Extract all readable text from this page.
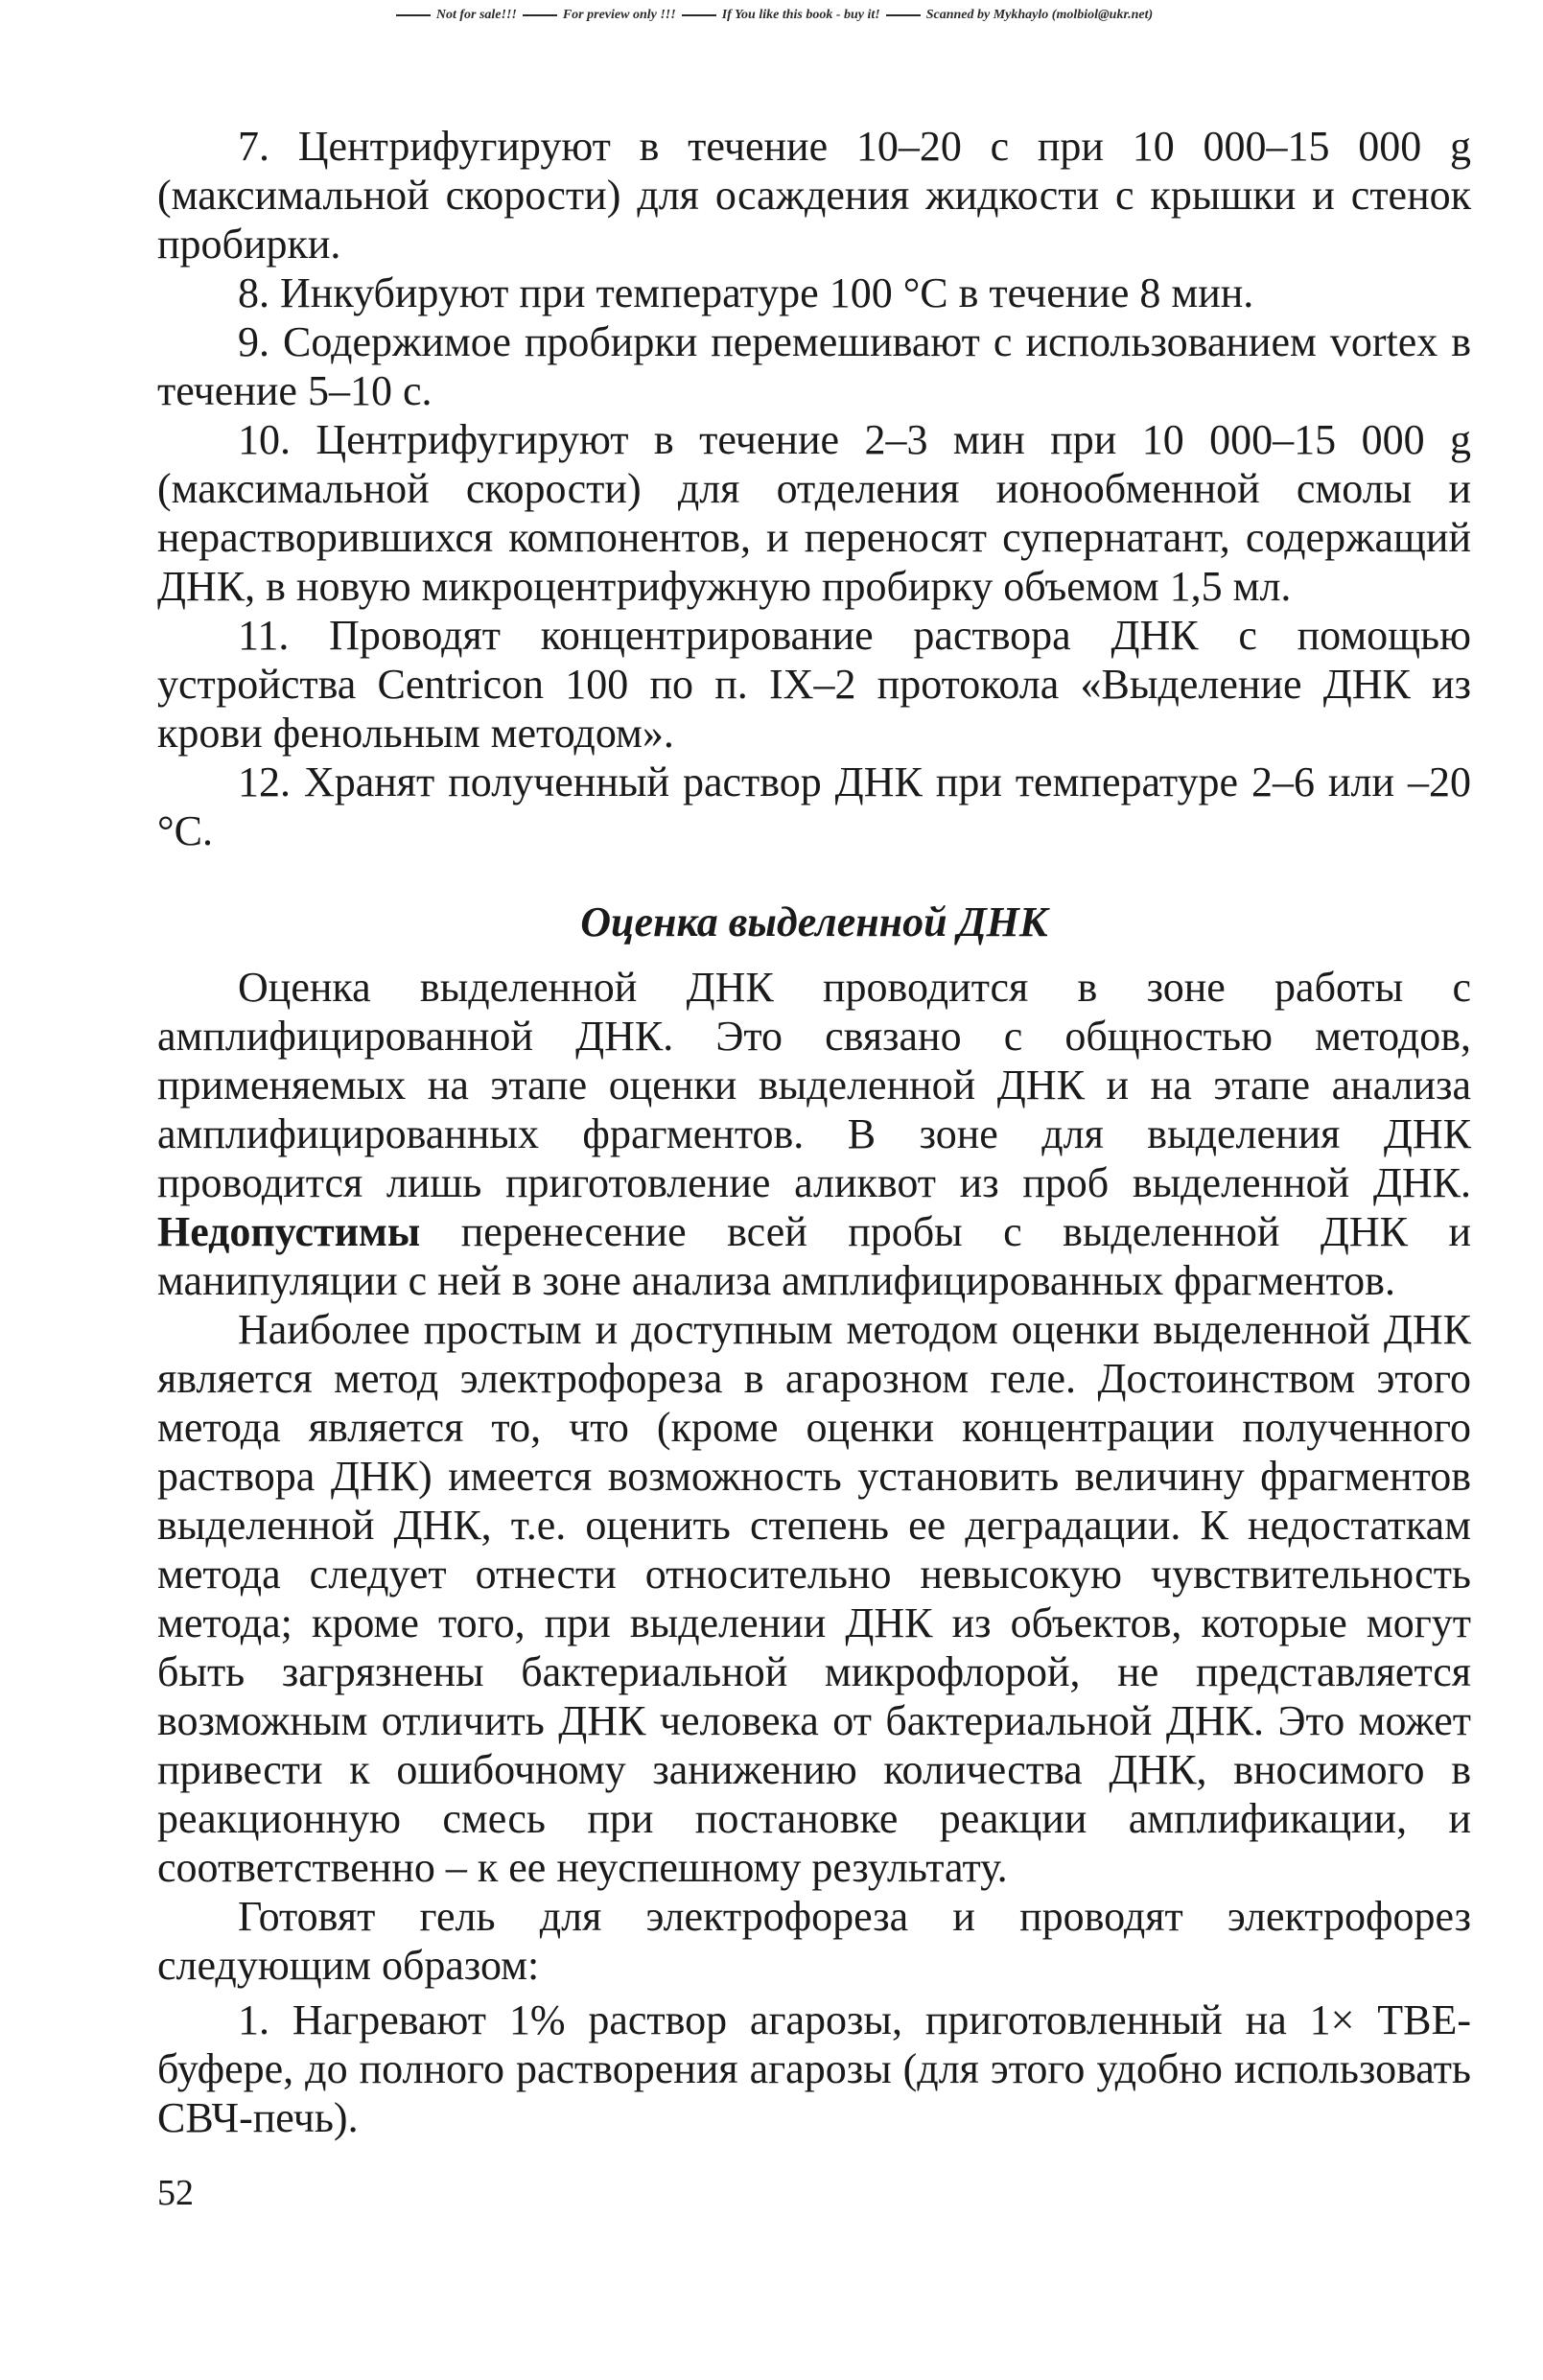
Not for sale!!!	For preview only !!!	If You like this book - buy it!	Scanned by Mykhaylo (molbiol@ukr.net)

7. Центрифугируют в течение 10–20 с при 10 000–15 000 g (максимальной скорости) для осаждения жидкости с крышки и стенок пробирки.

8. Инкубируют при температуре 100 °С в течение 8 мин.

9. Содержимое пробирки перемешивают с использованием vortex в течение 5–10 с.

10. Центрифугируют в течение 2–3 мин при 10 000–15 000 g (максимальной скорости) для отделения ионообменной смолы и нерастворившихся компонентов, и переносят супернатант, содержащий ДНК, в новую микроцентрифужную пробирку объемом 1,5 мл.

11. Проводят концентрирование раствора ДНК с помощью устройства Centricon 100 по п. IX–2 протокола «Выделение ДНК из крови фенольным методом».

12. Хранят полученный раствор ДНК при температуре 2–6 или –20 °С.

Оценка выделенной ДНК

Оценка выделенной ДНК проводится в зоне работы с амплифицированной ДНК. Это связано с общностью методов, применяемых на этапе оценки выделенной ДНК и на этапе анализа амплифицированных фрагментов. В зоне для выделения ДНК проводится лишь приготовление аликвот из проб выделенной ДНК. Недопустимы перенесение всей пробы с выделенной ДНК и манипуляции с ней в зоне анализа амплифицированных фрагментов.

Наиболее простым и доступным методом оценки выделенной ДНК является метод электрофореза в агарозном геле. Достоинством этого метода является то, что (кроме оценки концентрации полученного раствора ДНК) имеется возможность установить величину фрагментов выделенной ДНК, т.е. оценить степень ее деградации. К недостаткам метода следует отнести относительно невысокую чувствительность метода; кроме того, при выделении ДНК из объектов, которые могут быть загрязнены бактериальной микрофлорой, не представляется возможным отличить ДНК человека от бактериальной ДНК. Это может привести к ошибочному занижению количества ДНК, вносимого в реакционную смесь при постановке реакции амплификации, и соответственно – к ее неуспешному результату.

Готовят гель для электрофореза и проводят электрофорез следующим образом:

1. Нагревают 1% раствор агарозы, приготовленный на 1× ТВЕ-буфере, до полного растворения агарозы (для этого удобно использовать СВЧ-печь).

52
